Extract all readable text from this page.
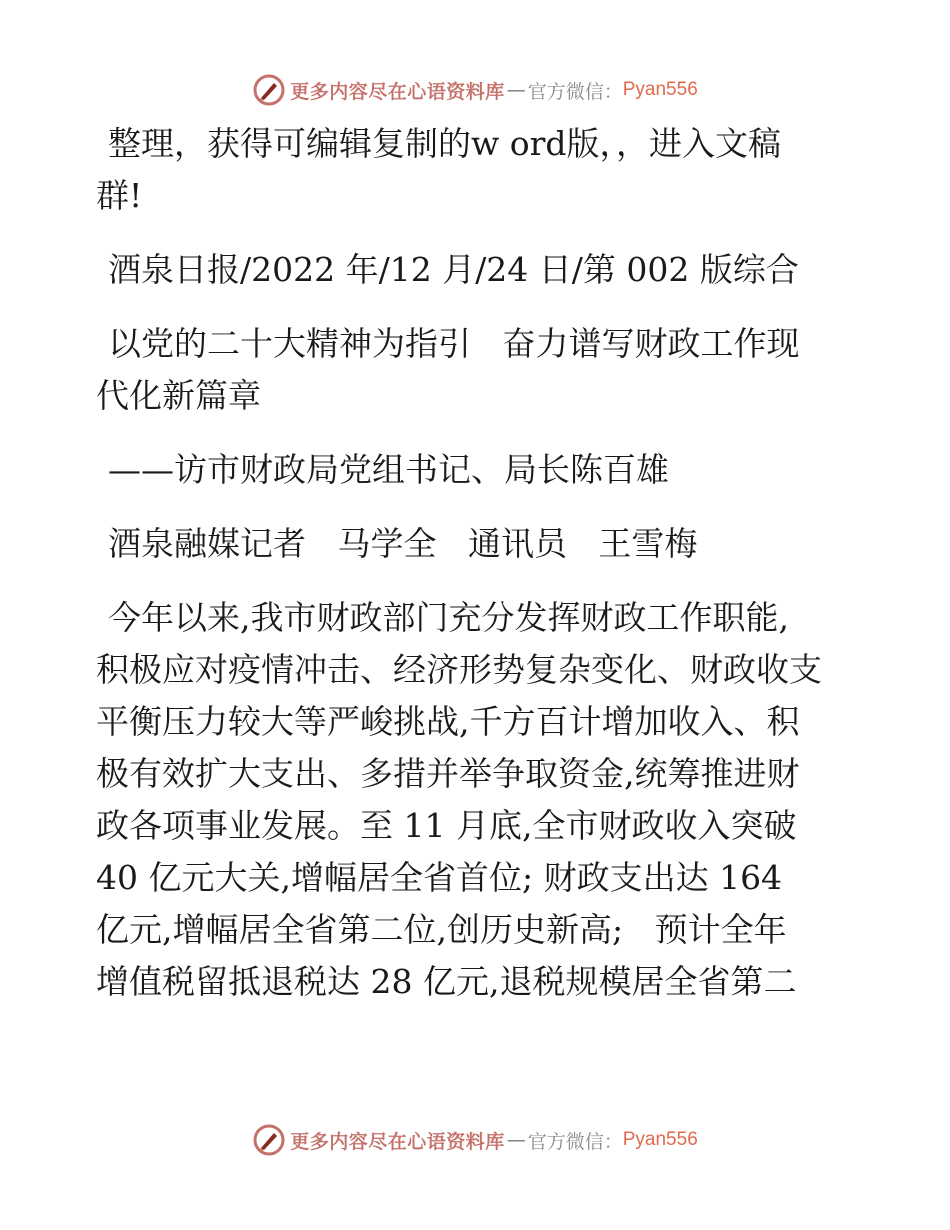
更多内容尽在心语资料库 — 官方微信： Pyan556

整理，获得可编辑复制的w ord版，，进入文稿

群!

酒泉日报/2022 年/12 月/24 日/第 002 版综合

以党的二十大精神为指引   奋力谱写财政工作现

代化新篇章

——访市财政局党组书记、局长陈百雄

酒泉融媒记者   马学全   通讯员   王雪梅

今年以来,我市财政部门充分发挥财政工作职能,

积极应对疫情冲击、经济形势复杂变化、财政收支

平衡压力较大等严峻挑战,千方百计增加收入、积

极有效扩大支出、多措并举争取资金,统筹推进财

政各项事业发展。至 11 月底,全市财政收入突破

40 亿元大关,增幅居全省首位; 财政支出达 164

亿元,增幅居全省第二位,创历史新高;   预计全年

增值税留抵退税达 28 亿元,退税规模居全省第二

更多内容尽在心语资料库 — 官方微信： Pyan556
